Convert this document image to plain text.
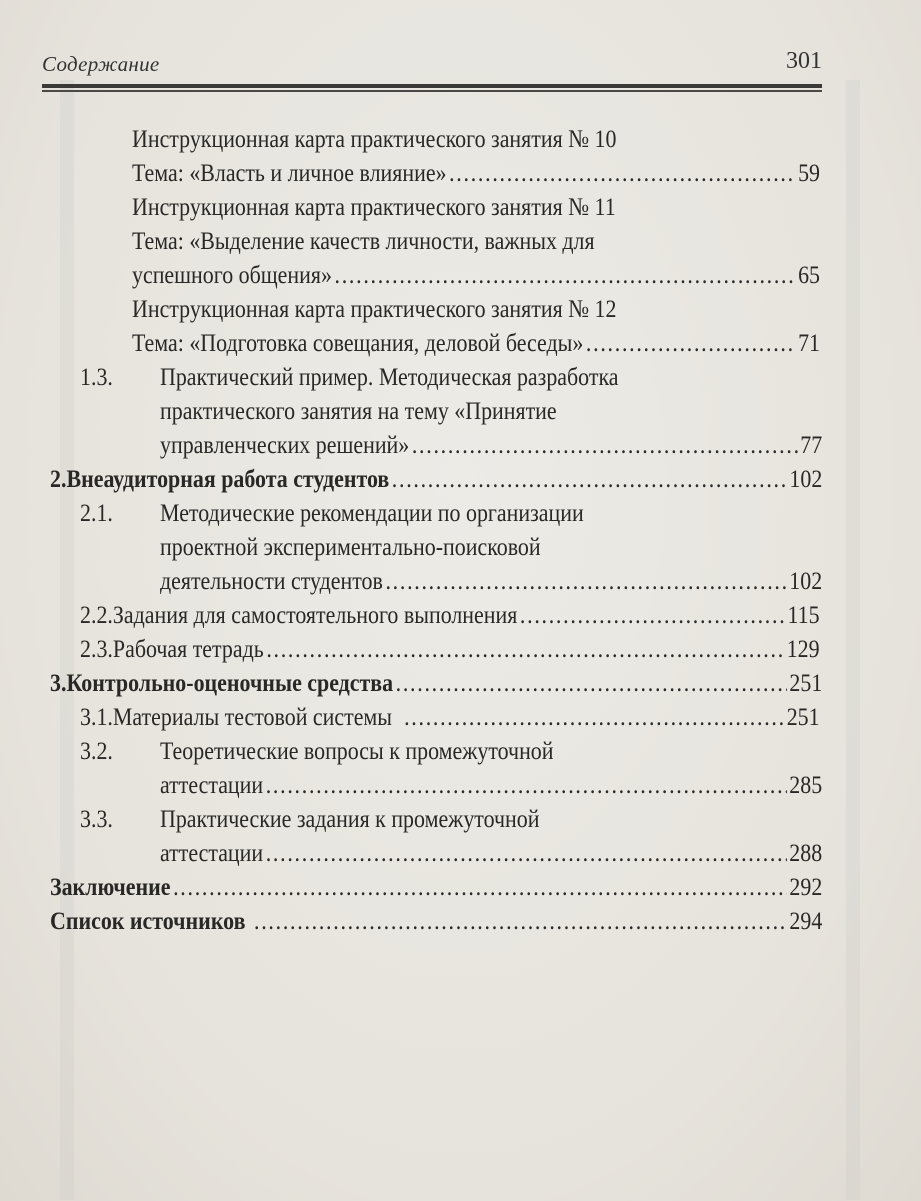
Содержание	301
Инструкционная карта практического занятия № 10
Тема: «Власть и личное влияние» .....	59
Инструкционная карта практического занятия № 11
Тема: «Выделение качеств личности, важных для
успешного общения» .....	65
Инструкционная карта практического занятия № 12
Тема: «Подготовка совещания, деловой беседы» .....	71
1.3.	Практический пример. Методическая разработка
практического занятия на тему «Принятие
управленческих решений» .....	77
2. Внеаудиторная работа студентов .....	102
2.1.	Методические рекомендации по организации
проектной экспериментально-поисковой
деятельности студентов .....	102
2.2. Задания для самостоятельного выполнения .....	115
2.3. Рабочая тетрадь .....	129
3. Контрольно-оценочные средства .....	251
3.1. Материалы тестовой системы .....	251
3.2.	Теоретические вопросы к промежуточной
аттестации .....	285
3.3.	Практические задания к промежуточной
аттестации .....	288
Заключение .....	292
Список источников .....	294
